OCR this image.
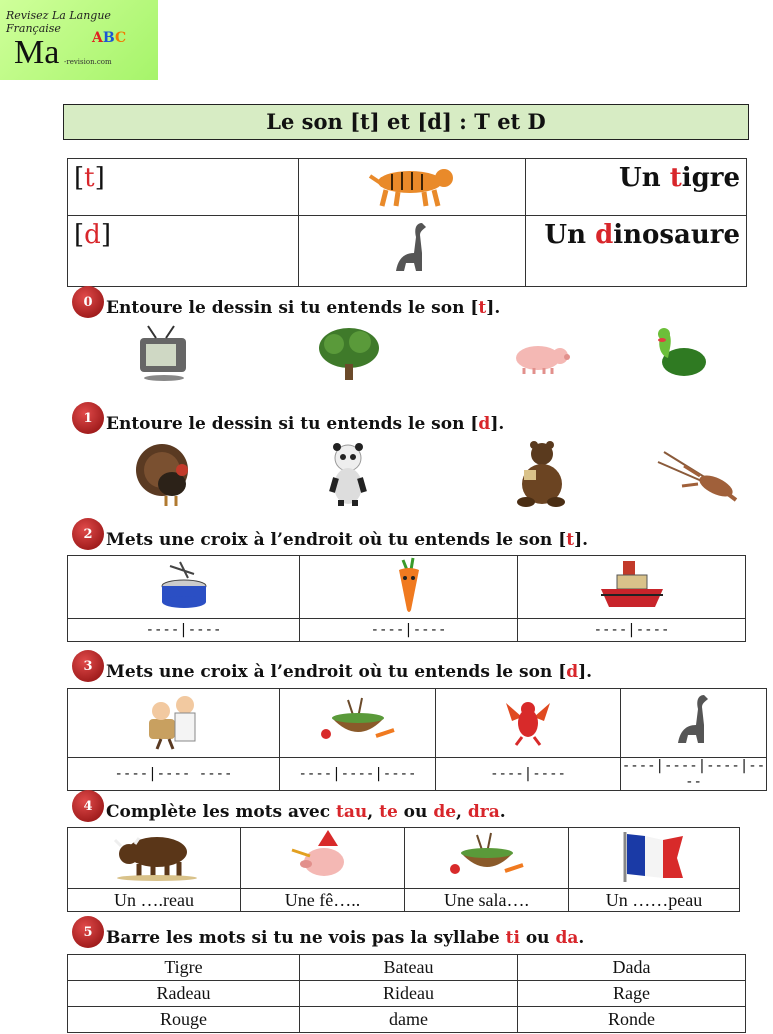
Revisez La Langue Française
Ma ABC
-revision.com
Le son [t] et [d] : T et D
[t]		Un tigre
[d]		Un dinosaure
0 Entoure le dessin si tu entends le son [t].
1 Entoure le dessin si tu entends le son [d].
2 Mets une croix à l’endroit où tu entends le son [t].

----|----	----|----	----|----
3 Mets une croix à l’endroit où tu entends le son [d].

----|---- ----	----|----|----	----|----	----|----|----|----
4 Complète les mots avec tau, te ou de, dra.

Un ….reau	Une fê…..	Une sala….	Un ……peau
5 Barre les mots si tu ne vois pas la syllabe ti ou da.
Tigre	Bateau	Dada
Radeau	Rideau	Rage
Rouge	dame	Ronde
